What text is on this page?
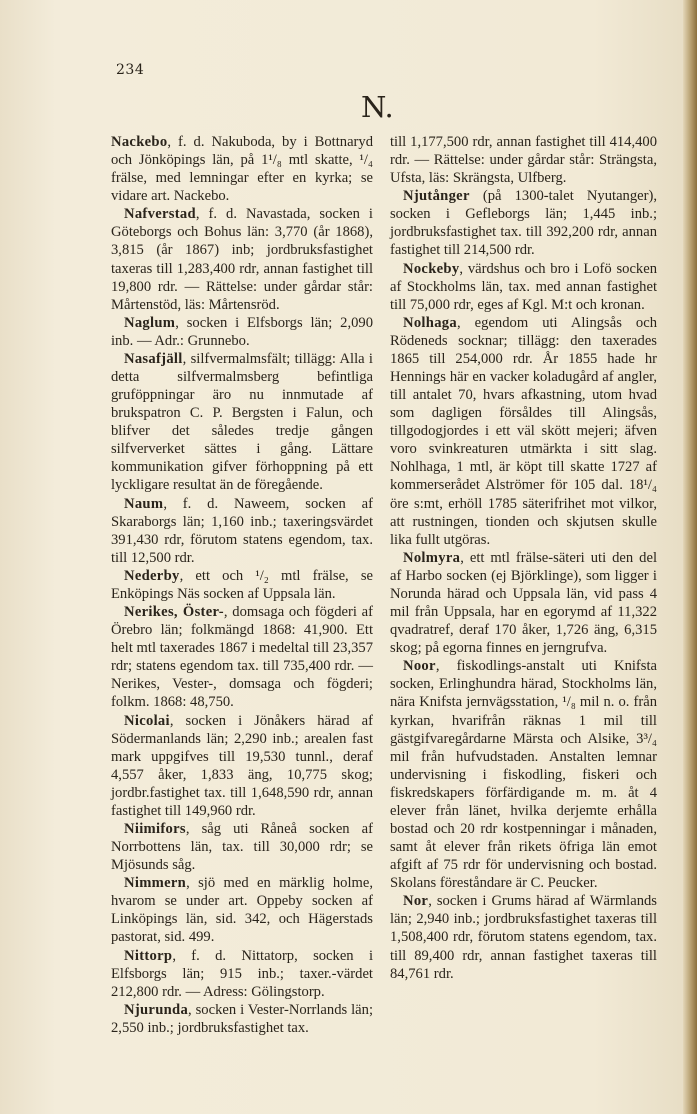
234
N.

Nackebo, f. d. Nakuboda, by i Bottnaryd och Jönköpings län, på 1¹/₈ mtl skatte, ¹/₄ frälse, med lemningar efter en kyrka; se vidare art. Nackebo.

Nafverstad, f. d. Navastada, socken i Göteborgs och Bohus län: 3,770 (år 1868), 3,815 (år 1867) inb; jordbruksfastighet taxeras till 1,283,400 rdr, annan fastighet till 19,800 rdr. — Rättelse: under gårdar står: Mårtenstöd, läs: Mårtensröd.

Naglum, socken i Elfsborgs län; 2,090 inb. — Adr.: Grunnebo.

Nasafjäll, silfvermalmsfält; tillägg: Alla i detta silfvermalmsberg befintliga gruföppningar äro nu innmutade af brukspatron C. P. Bergsten i Falun, och blifver det således tredje gången silfververket sättes i gång. Lättare kommunikation gifver förhoppning på ett lyckligare resultat än de föregående.

Naum, f. d. Naweem, socken af Skaraborgs län; 1,160 inb.; taxeringsvärdet 391,430 rdr, förutom statens egendom, tax. till 12,500 rdr.

Nederby, ett och ¹/₂ mtl frälse, se Enköpings Näs socken af Uppsala län.

Nerikes, Öster-, domsaga och fögderi af Örebro län; folkmängd 1868: 41,900. Ett helt mtl taxerades 1867 i medeltal till 23,357 rdr; statens egendom tax. till 735,400 rdr. — Nerikes, Vester-, domsaga och fögderi; folkm. 1868: 48,750.

Nicolai, socken i Jönåkers härad af Södermanlands län; 2,290 inb.; arealen fast mark uppgifves till 19,530 tunnl., deraf 4,557 åker, 1,833 äng, 10,775 skog; jordbr.fastighet tax. till 1,648,590 rdr, annan fastighet till 149,960 rdr.

Niimifors, såg uti Råneå socken af Norrbottens län, tax. till 30,000 rdr; se Mjösunds såg.

Nimmern, sjö med en märklig holme, hvarom se under art. Oppeby socken af Linköpings län, sid. 342, och Hägerstads pastorat, sid. 499.

Nittorp, f. d. Nittatorp, socken i Elfsborgs län; 915 inb.; taxer.-värdet 212,800 rdr. — Adress: Gölingstorp.

Njurunda, socken i Vester-Norrlands län; 2,550 inb.; jordbruksfastighet tax.

till 1,177,500 rdr, annan fastighet till 414,400 rdr. — Rättelse: under gårdar står: Strängsta, Ufsta, läs: Skrängsta, Ulfberg.

Njutånger (på 1300-talet Nyutanger), socken i Gefleborgs län; 1,445 inb.; jordbruksfastighet tax. till 392,200 rdr, annan fastighet till 214,500 rdr.

Nockeby, värdshus och bro i Lofö socken af Stockholms län, tax. med annan fastighet till 75,000 rdr, eges af Kgl. M:t och kronan.

Nolhaga, egendom uti Alingsås och Rödeneds socknar; tillägg: den taxerades 1865 till 254,000 rdr. År 1855 hade hr Hennings här en vacker koladugård af angler, till antalet 70, hvars afkastning, utom hvad som dagligen försåldes till Alingsås, tillgodogjordes i ett väl skött mejeri; äfven voro svinkreaturen utmärkta i sitt slag. Nohlhaga, 1 mtl, är köpt till skatte 1727 af kommerserådet Alströmer för 105 dal. 18¹/₄ öre s:mt, erhöll 1785 säterifrihet mot vilkor, att rustningen, tionden och skjutsen skulle lika fullt utgöras.

Nolmyra, ett mtl frälse-säteri uti den del af Harbo socken (ej Björklinge), som ligger i Norunda härad och Uppsala län, vid pass 4 mil från Uppsala, har en egorymd af 11,322 qvadratref, deraf 170 åker, 1,726 äng, 6,315 skog; på egorna finnes en jerngrufva.

Noor, fiskodlings-anstalt uti Knifsta socken, Erlinghundra härad, Stockholms län, nära Knifsta jernvägsstation, ¹/₈ mil n. o. från kyrkan, hvarifrån räknas 1 mil till gästgifvaregårdarne Märsta och Alsike, 3³/₄ mil från hufvudstaden. Anstalten lemnar undervisning i fiskodling, fiskeri och fiskredskapers förfärdigande m. m. åt 4 elever från länet, hvilka derjemte erhålla bostad och 20 rdr kostpenningar i månaden, samt åt elever från rikets öfriga län emot afgift af 75 rdr för undervisning och bostad. Skolans föreståndare är C. Peucker.

Nor, socken i Grums härad af Wärmlands län; 2,940 inb.; jordbruksfastighet taxeras till 1,508,400 rdr, förutom statens egendom, tax. till 89,400 rdr, annan fastighet taxeras till 84,761 rdr.
